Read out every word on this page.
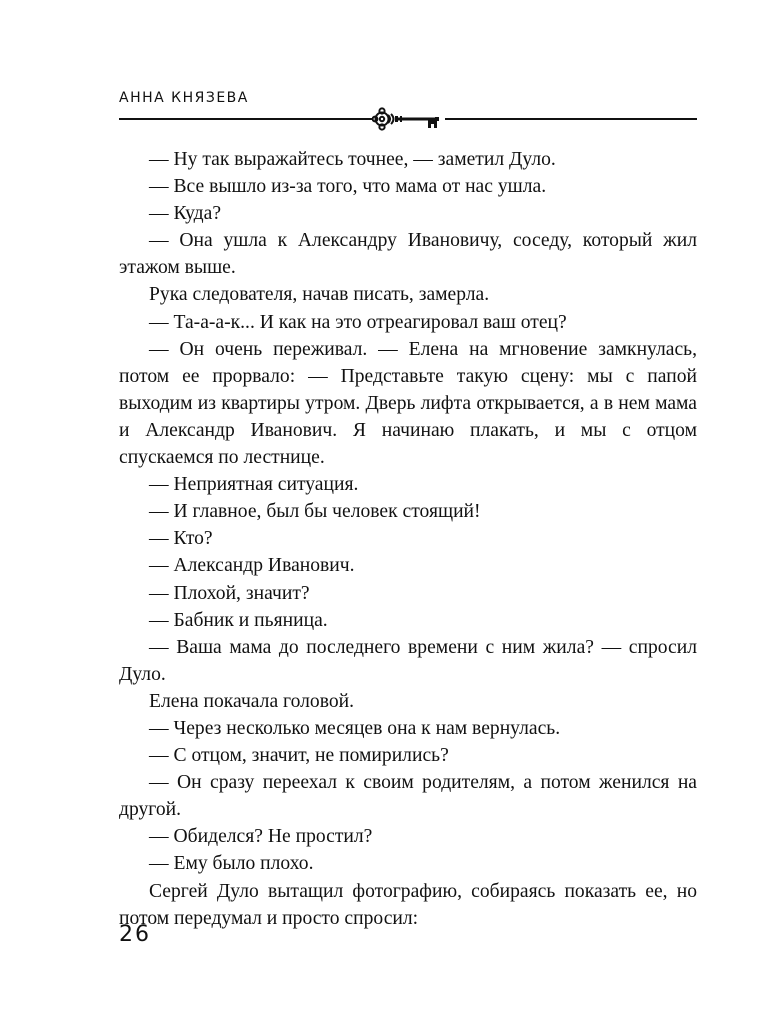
АННА КНЯЗЕВА

— Ну так выражайтесь точнее, — заметил Дуло.

— Все вышло из-за того, что мама от нас ушла.

— Куда?

— Она ушла к Александру Ивановичу, соседу, который жил этажом выше.

Рука следователя, начав писать, замерла.

— Та-а-а-к... И как на это отреагировал ваш отец?

— Он очень переживал. — Елена на мгновение замкнулась, потом ее прорвало: — Представьте такую сцену: мы с папой выходим из квартиры утром. Дверь лифта открывается, а в нем мама и Александр Иванович. Я начинаю плакать, и мы с отцом спускаемся по лестнице.

— Неприятная ситуация.

— И главное, был бы человек стоящий!

— Кто?

— Александр Иванович.

— Плохой, значит?

— Бабник и пьяница.

— Ваша мама до последнего времени с ним жила? — спросил Дуло.

Елена покачала головой.

— Через несколько месяцев она к нам вернулась.

— С отцом, значит, не помирились?

— Он сразу переехал к своим родителям, а потом женился на другой.

— Обиделся? Не простил?

— Ему было плохо.

Сергей Дуло вытащил фотографию, собираясь показать ее, но потом передумал и просто спросил:

26
